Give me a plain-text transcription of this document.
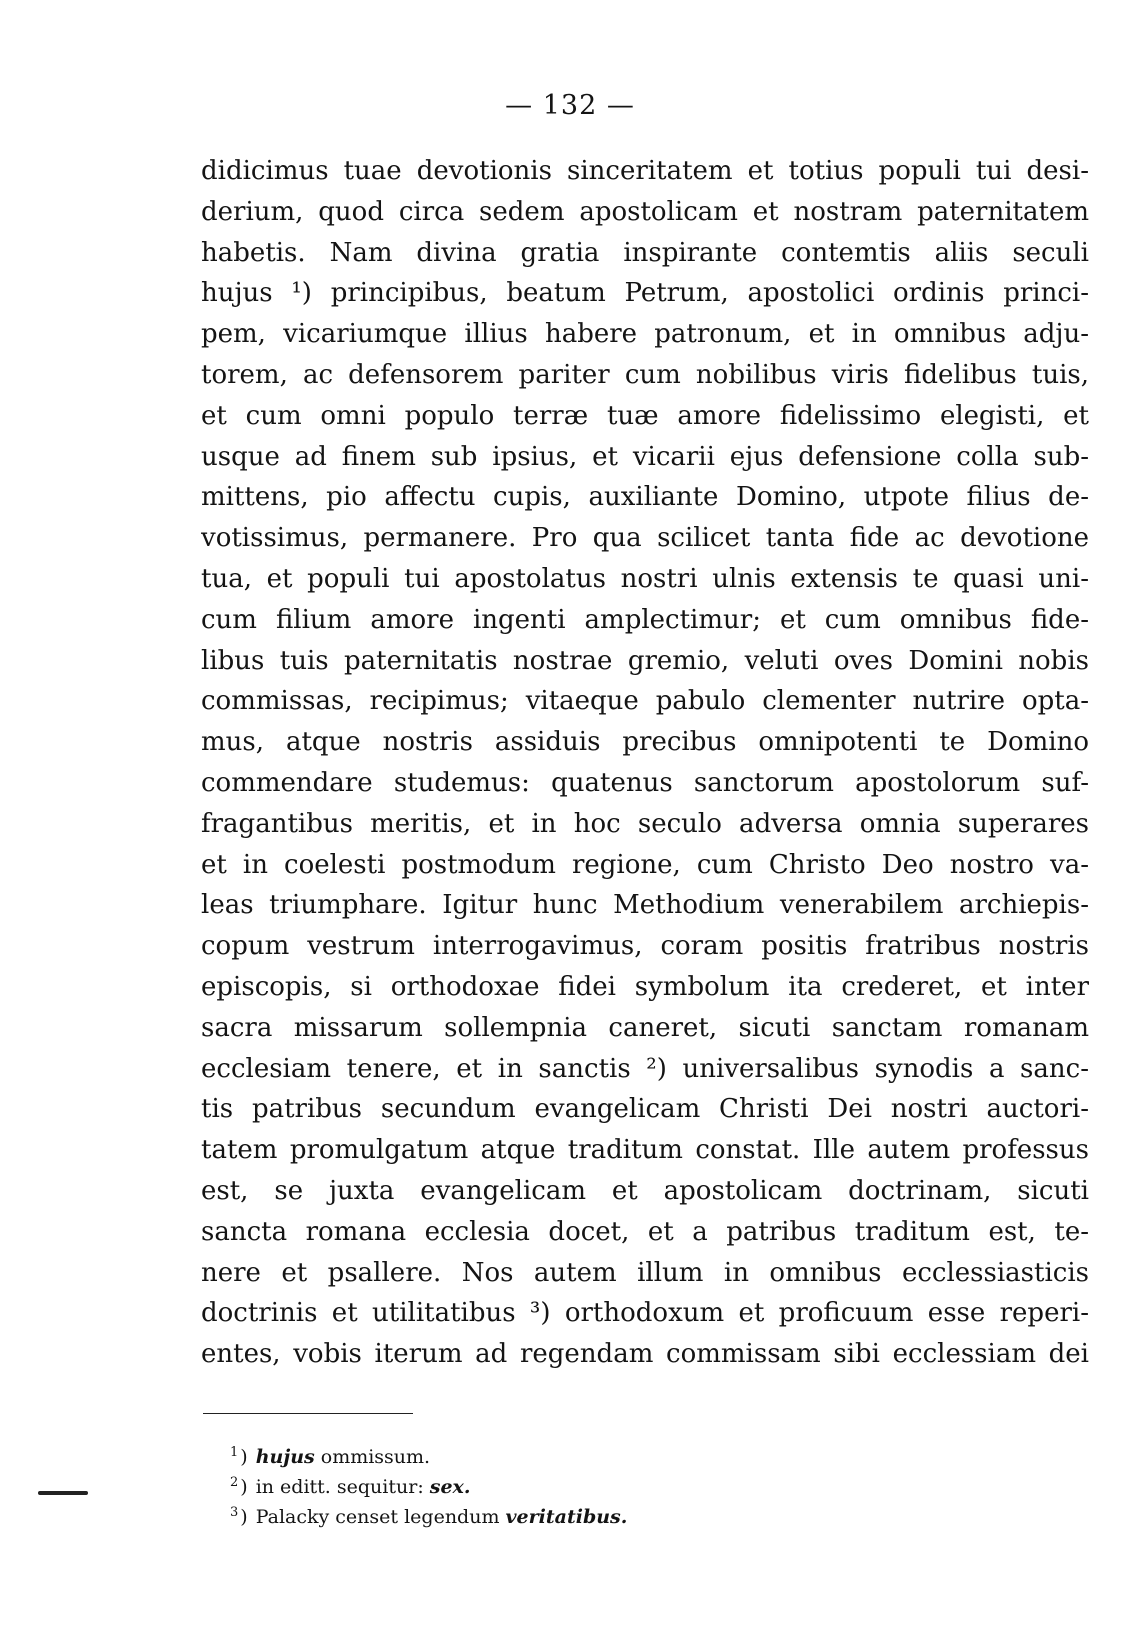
— 132 —
didicimus tuae devotionis sinceritatem et totius populi tui desi-
derium, quod circa sedem apostolicam et nostram paternitatem
habetis. Nam divina gratia inspirante contemtis aliis seculi
hujus ¹) principibus, beatum Petrum, apostolici ordinis princi-
pem, vicariumque illius habere patronum, et in omnibus adju-
torem, ac defensorem pariter cum nobilibus viris fidelibus tuis,
et cum omni populo terræ tuæ amore fidelissimo elegisti, et
usque ad finem sub ipsius, et vicarii ejus defensione colla sub-
mittens, pio affectu cupis, auxiliante Domino, utpote filius de-
votissimus, permanere. Pro qua scilicet tanta fide ac devotione
tua, et populi tui apostolatus nostri ulnis extensis te quasi uni-
cum filium amore ingenti amplectimur; et cum omnibus fide-
libus tuis paternitatis nostrae gremio, veluti oves Domini nobis
commissas, recipimus; vitaeque pabulo clementer nutrire opta-
mus, atque nostris assiduis precibus omnipotenti te Domino
commendare studemus: quatenus sanctorum apostolorum suf-
fragantibus meritis, et in hoc seculo adversa omnia superares
et in coelesti postmodum regione, cum Christo Deo nostro va-
leas triumphare. Igitur hunc Methodium venerabilem archiepis-
copum vestrum interrogavimus, coram positis fratribus nostris
episcopis, si orthodoxae fidei symbolum ita crederet, et inter
sacra missarum sollempnia caneret, sicuti sanctam romanam
ecclesiam tenere, et in sanctis ²) universalibus synodis a sanc-
tis patribus secundum evangelicam Christi Dei nostri auctori-
tatem promulgatum atque traditum constat. Ille autem professus
est, se juxta evangelicam et apostolicam doctrinam, sicuti
sancta romana ecclesia docet, et a patribus traditum est, te-
nere et psallere. Nos autem illum in omnibus ecclessiasticis
doctrinis et utilitatibus ³) orthodoxum et proficuum esse reperi-
entes, vobis iterum ad regendam commissam sibi ecclessiam dei
$^1$ ) hujus ommissum.
$^2$ ) in editt. sequitur: sex.
$^3$ ) Palacky censet legendum veritatibus.
